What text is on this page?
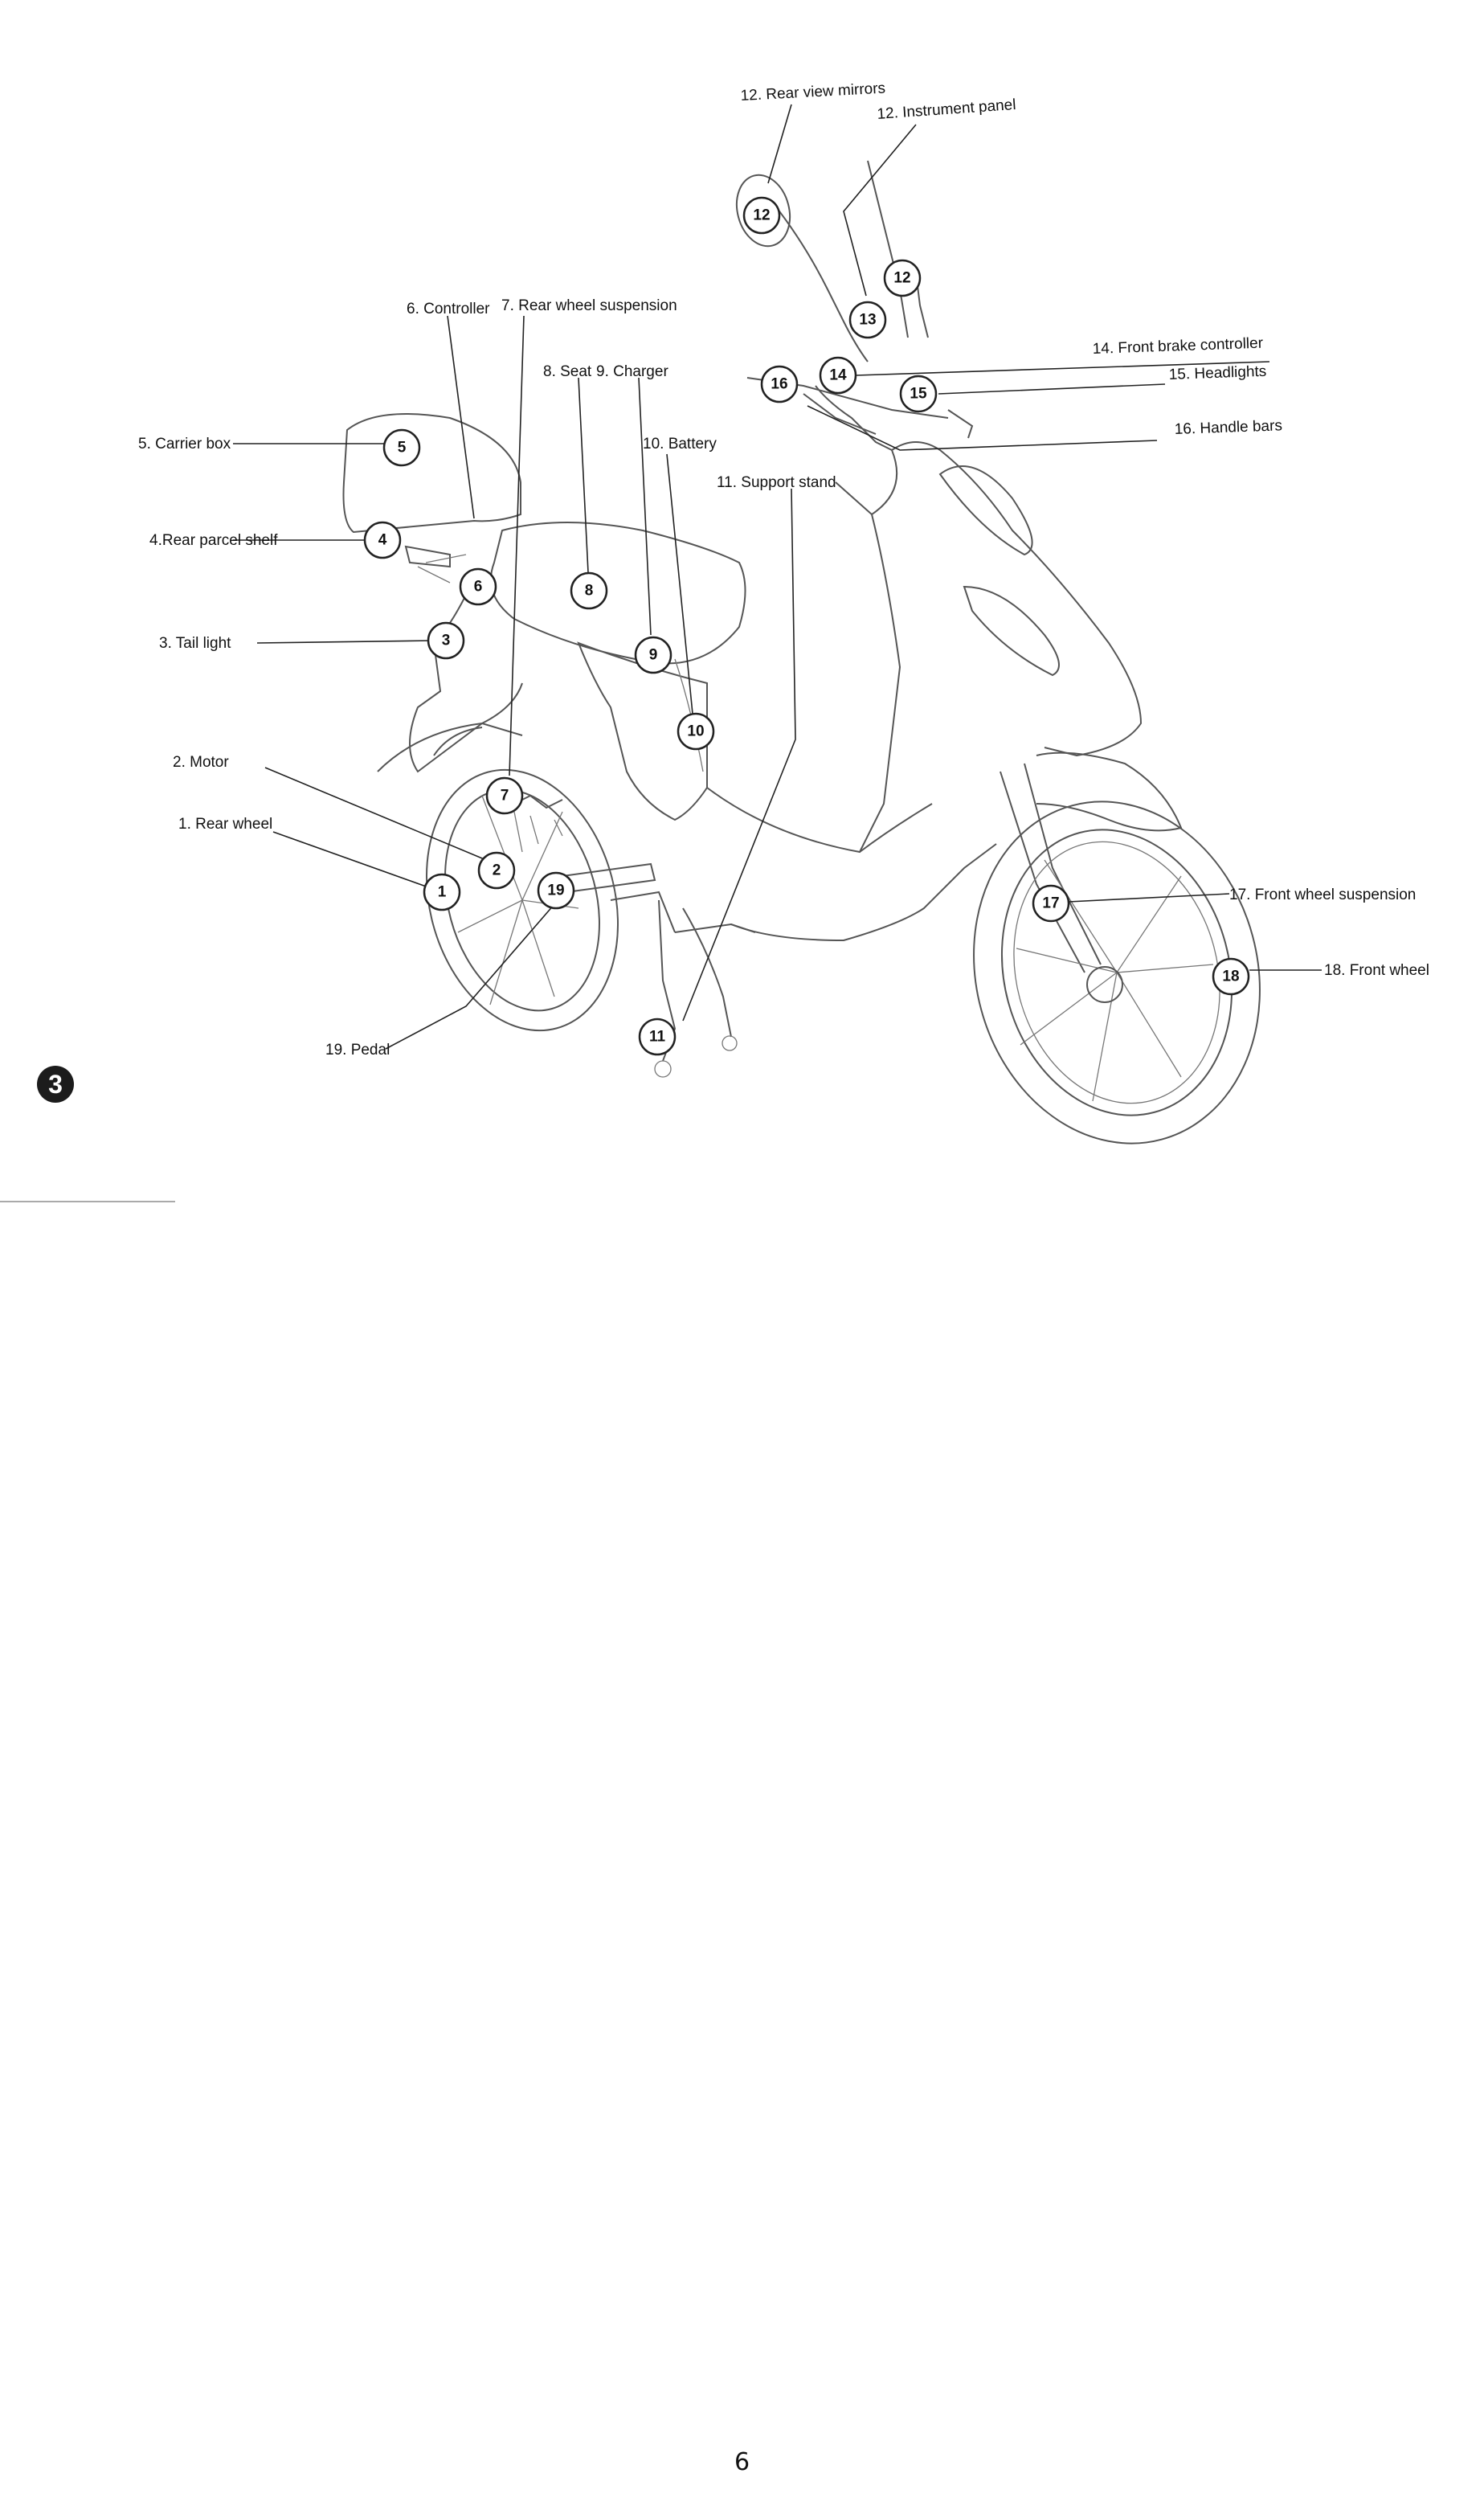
1
2
3
4
5
6
7
8
9
10
11
12
12
13
14
15
16
17
18
19
1. Rear wheel
2. Motor
3. Tail light
4.Rear parcel shelf
5. Carrier box
6. Controller 7. Rear wheel suspension
8. Seat 9. Charger
10. Battery
11. Support stand
12. Rear view mirrors
12. Instrument panel
14. Front brake controller
15. Headlights
16. Handle bars
17. Front wheel suspension
18. Front wheel
19. Pedal
3
6
